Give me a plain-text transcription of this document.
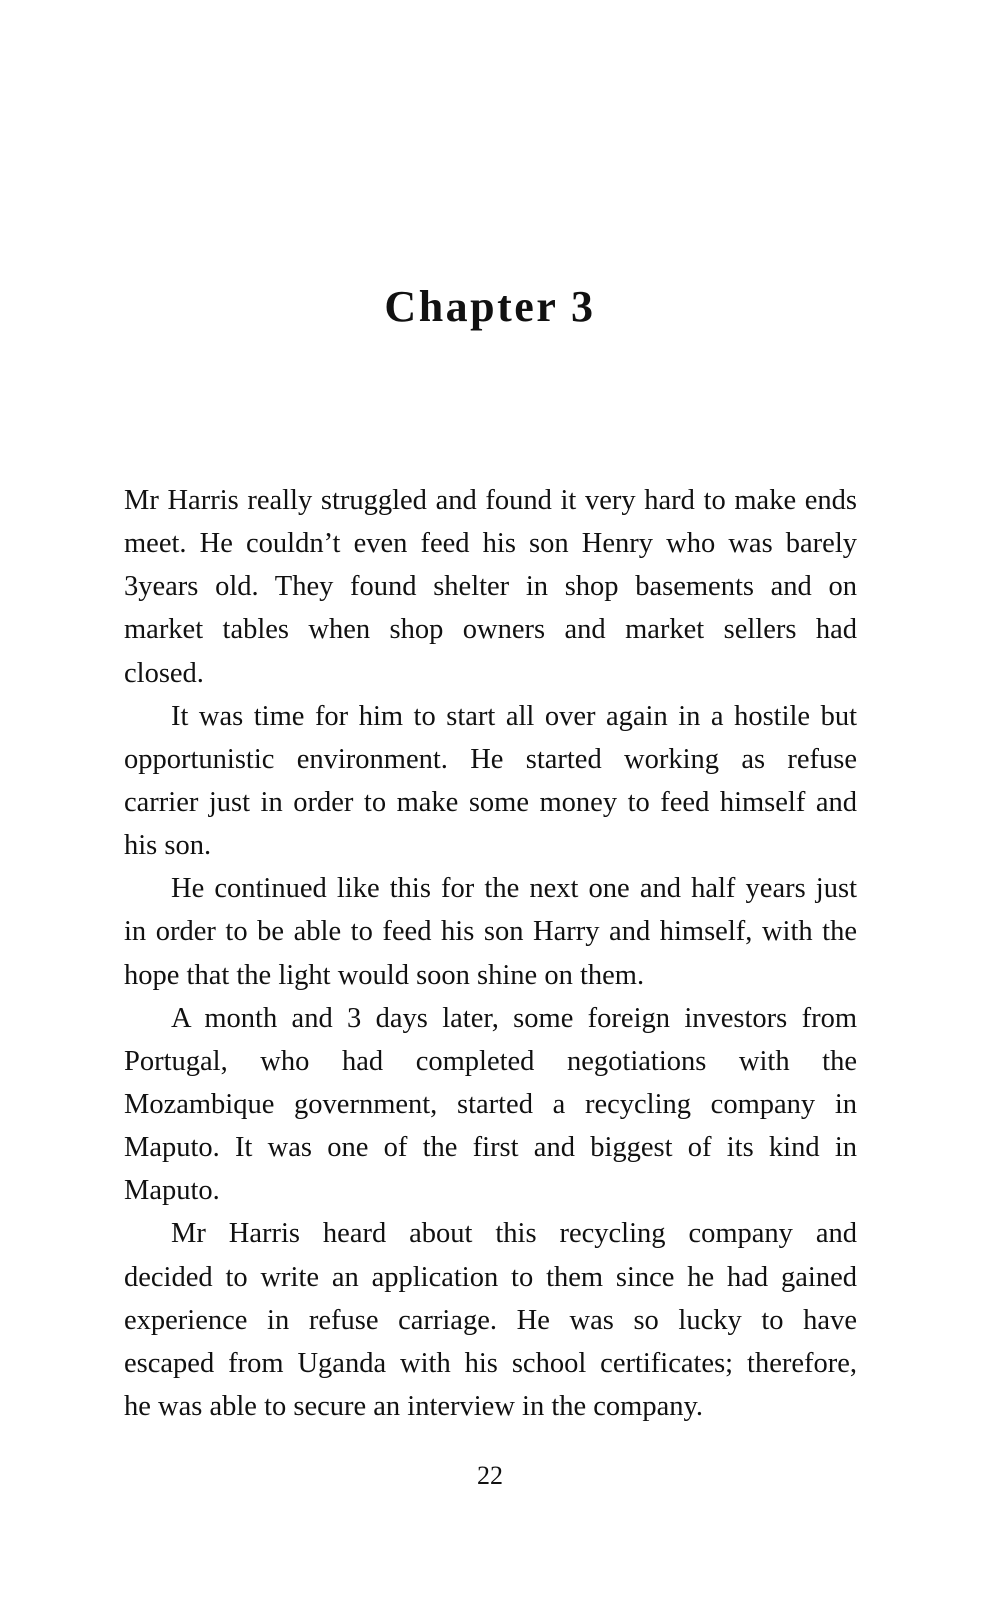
Chapter 3
Mr Harris really struggled and found it very hard to make ends
meet. He couldn’t even feed his son Henry who was barely
3years old. They found shelter in shop basements and on
market tables when shop owners and market sellers had
closed.
It was time for him to start all over again in a hostile but
opportunistic environment. He started working as refuse
carrier just in order to make some money to feed himself and
his son.
He continued like this for the next one and half years just
in order to be able to feed his son Harry and himself, with the
hope that the light would soon shine on them.
A month and 3 days later, some foreign investors from
Portugal, who had completed negotiations with the
Mozambique government, started a recycling company in
Maputo. It was one of the first and biggest of its kind in
Maputo.
Mr Harris heard about this recycling company and
decided to write an application to them since he had gained
experience in refuse carriage. He was so lucky to have
escaped from Uganda with his school certificates; therefore,
he was able to secure an interview in the company.
22
